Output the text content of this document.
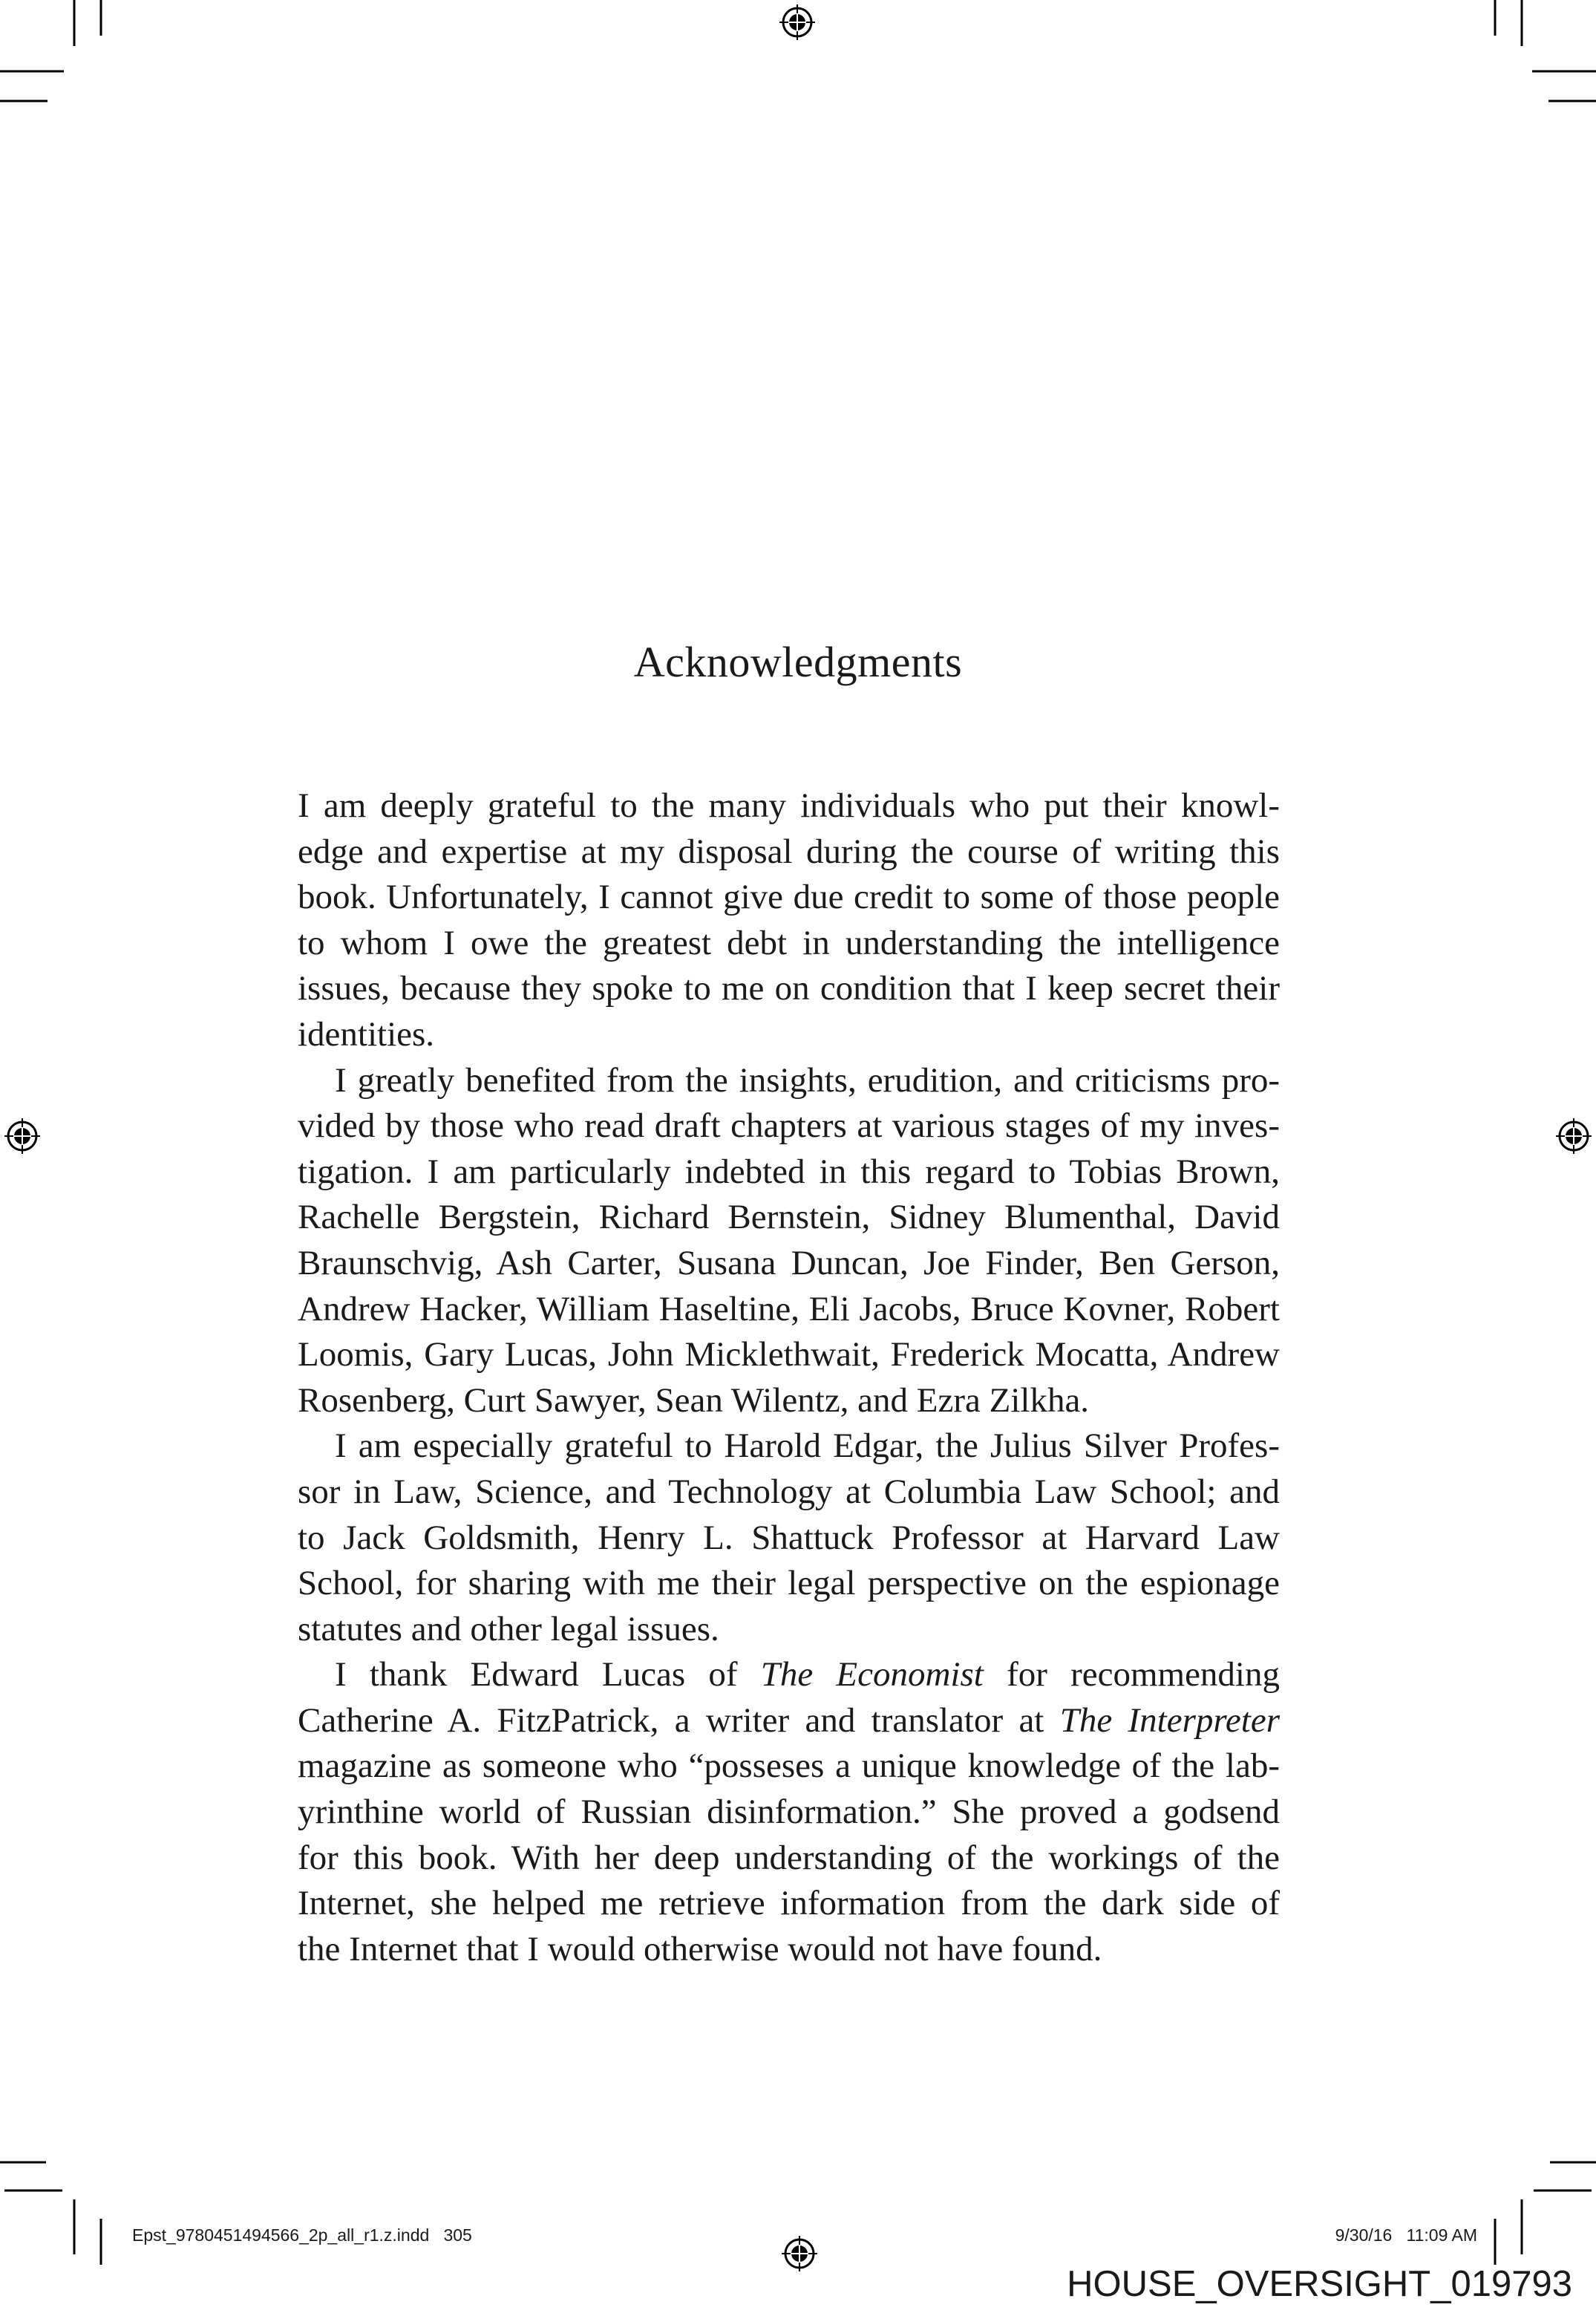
Acknowledgments
I am deeply grateful to the many individuals who put their knowl-
edge and expertise at my disposal during the course of writing this
book. Unfortunately, I cannot give due credit to some of those people
to whom I owe the greatest debt in understanding the intelligence
issues, because they spoke to me on condition that I keep secret their
identities.
I greatly benefited from the insights, erudition, and criticisms pro-
vided by those who read draft chapters at various stages of my inves-
tigation. I am particularly indebted in this regard to Tobias Brown,
Rachelle Bergstein, Richard Bernstein, Sidney Blumenthal, David
Braunschvig, Ash Carter, Susana Duncan, Joe Finder, Ben Gerson,
Andrew Hacker, William Haseltine, Eli Jacobs, Bruce Kovner, Robert
Loomis, Gary Lucas, John Micklethwait, Frederick Mocatta, Andrew
Rosenberg, Curt Sawyer, Sean Wilentz, and Ezra Zilkha.
I am especially grateful to Harold Edgar, the Julius Silver Profes-
sor in Law, Science, and Technology at Columbia Law School; and
to Jack Goldsmith, Henry L. Shattuck Professor at Harvard Law
School, for sharing with me their legal perspective on the espionage
statutes and other legal issues.
I thank Edward Lucas of The Economist for recommending
Catherine A. FitzPatrick, a writer and translator at The Interpreter
magazine as someone who “posseses a unique knowledge of the lab-
yrinthine world of Russian disinformation.” She proved a godsend
for this book. With her deep understanding of the workings of the
Internet, she helped me retrieve information from the dark side of
the Internet that I would otherwise would not have found.
Epst_9780451494566_2p_all_r1.z.indd   305	9/30/16   11:09 AM
HOUSE_OVERSIGHT_019793
